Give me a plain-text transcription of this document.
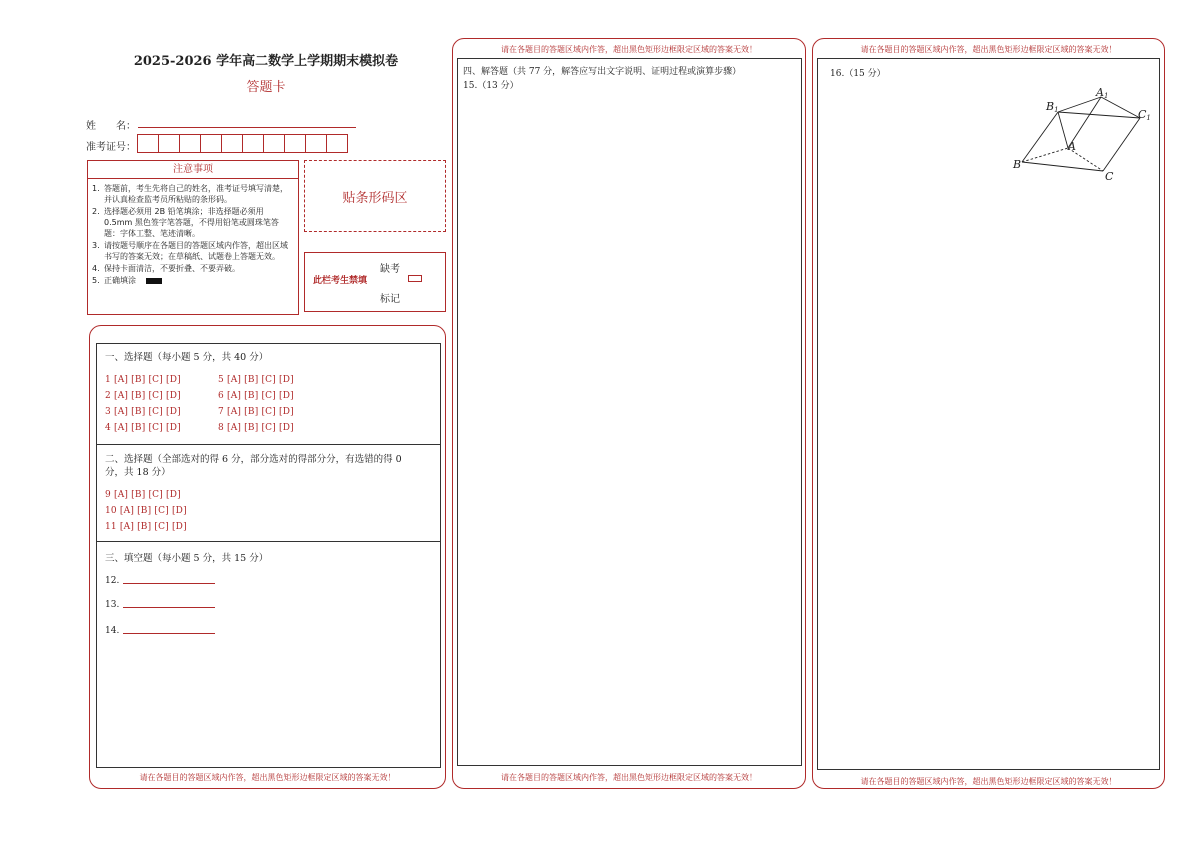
2025-2026 学年高二数学上学期期末模拟卷
答题卡
姓　　名：
准考证号：
注意事项
1. 答题前，考生先将自己的姓名，准考证号填写清楚，并认真检查监考员所粘贴的条形码。
2. 选择题必须用 2B 铅笔填涂；非选择题必须用 0.5mm 黑色签字笔答题，不得用铅笔或圆珠笔答题：字体工整、笔迹清晰。
3. 请按题号顺序在各题目的答题区域内作答，超出区域书写的答案无效；在草稿纸、试题卷上答题无效。
4. 保持卡面清洁，不要折叠、不要弄破。
5. 正确填涂
贴条形码区
此栏考生禁填
缺考
标记
一、选择题（每小题 5 分，共 40 分）
1 [A] [B] [C] [D]
2 [A] [B] [C] [D]
3 [A] [B] [C] [D]
4 [A] [B] [C] [D]
5 [A] [B] [C] [D]
6 [A] [B] [C] [D]
7 [A] [B] [C] [D]
8 [A] [B] [C] [D]
二、选择题（全部选对的得 6 分，部分选对的得部分分，有选错的得 0
分，共 18 分）
9 [A] [B] [C] [D]
10 [A] [B] [C] [D]
11 [A] [B] [C] [D]
三、填空题（每小题 5 分，共 15 分）
12.
13.
14.
请在各题目的答题区域内作答，超出黑色矩形边框限定区域的答案无效！
请在各题目的答题区域内作答，超出黑色矩形边框限定区域的答案无效！
四、解答题（共 77 分，解答应写出文字说明、证明过程或演算步骤）
15.（13 分）
请在各题目的答题区域内作答，超出黑色矩形边框限定区域的答案无效！
请在各题目的答题区域内作答，超出黑色矩形边框限定区域的答案无效！
16.（15 分）
B1
A1
C1
A
B
C
请在各题目的答题区域内作答，超出黑色矩形边框限定区域的答案无效！
